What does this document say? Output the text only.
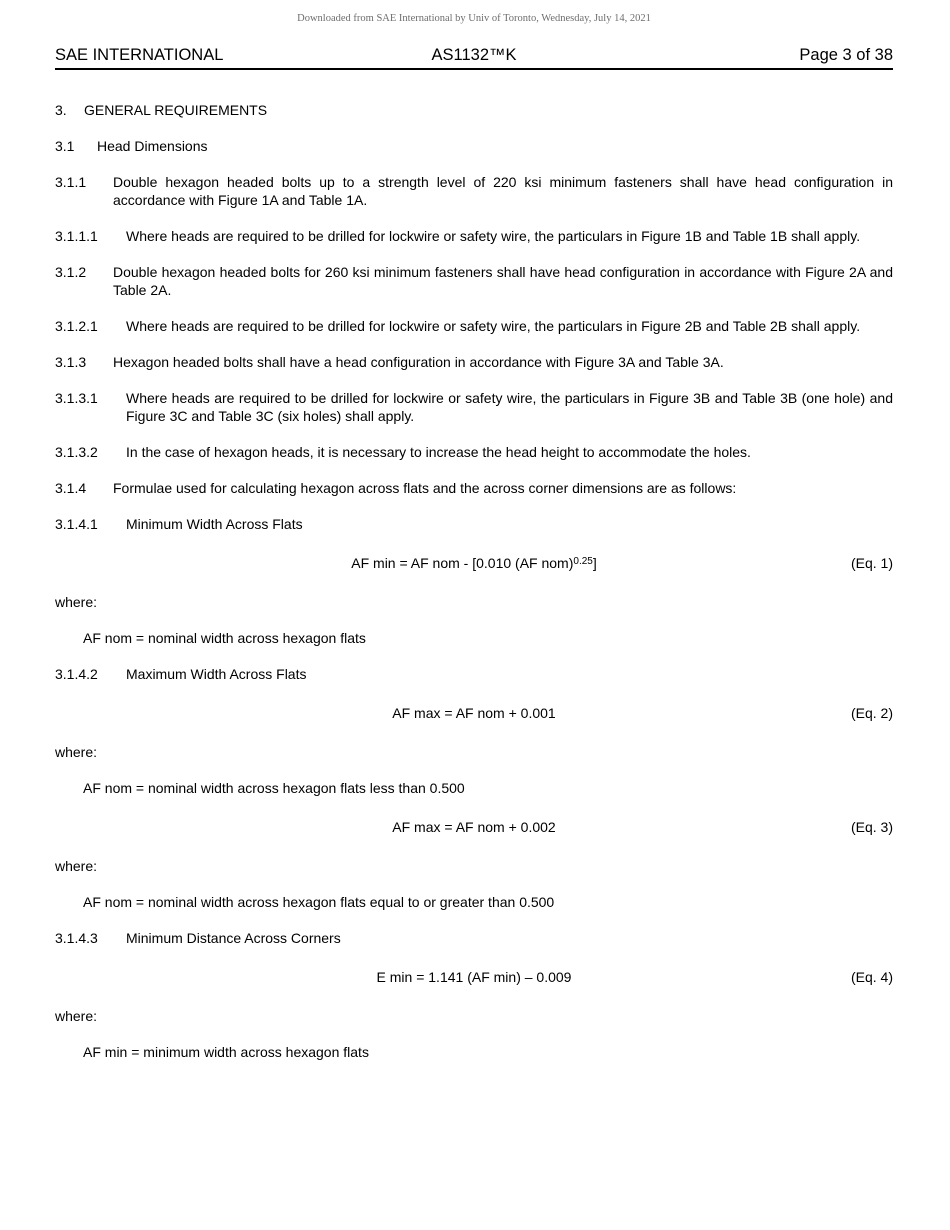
Downloaded from SAE International by Univ of Toronto, Wednesday, July 14, 2021
SAE INTERNATIONAL	AS1132™K	Page 3 of 38
3.	GENERAL REQUIREMENTS
3.1	Head Dimensions
3.1.1	Double hexagon headed bolts up to a strength level of 220 ksi minimum fasteners shall have head configuration in accordance with Figure 1A and Table 1A.
3.1.1.1	Where heads are required to be drilled for lockwire or safety wire, the particulars in Figure 1B and Table 1B shall apply.
3.1.2	Double hexagon headed bolts for 260 ksi minimum fasteners shall have head configuration in accordance with Figure 2A and Table 2A.
3.1.2.1	Where heads are required to be drilled for lockwire or safety wire, the particulars in Figure 2B and Table 2B shall apply.
3.1.3	Hexagon headed bolts shall have a head configuration in accordance with Figure 3A and Table 3A.
3.1.3.1	Where heads are required to be drilled for lockwire or safety wire, the particulars in Figure 3B and Table 3B (one hole) and Figure 3C and Table 3C (six holes) shall apply.
3.1.3.2	In the case of hexagon heads, it is necessary to increase the head height to accommodate the holes.
3.1.4	Formulae used for calculating hexagon across flats and the across corner dimensions are as follows:
3.1.4.1	Minimum Width Across Flats
AF min = AF nom - [0.010 (AF nom)$^{0.25}$]	(Eq. 1)
where:
AF nom = nominal width across hexagon flats
3.1.4.2	Maximum Width Across Flats
AF max = AF nom + 0.001	(Eq. 2)
where:
AF nom = nominal width across hexagon flats less than 0.500
AF max = AF nom + 0.002	(Eq. 3)
where:
AF nom = nominal width across hexagon flats equal to or greater than 0.500
3.1.4.3	Minimum Distance Across Corners
E min = 1.141 (AF min) – 0.009	(Eq. 4)
where:
AF min = minimum width across hexagon flats
